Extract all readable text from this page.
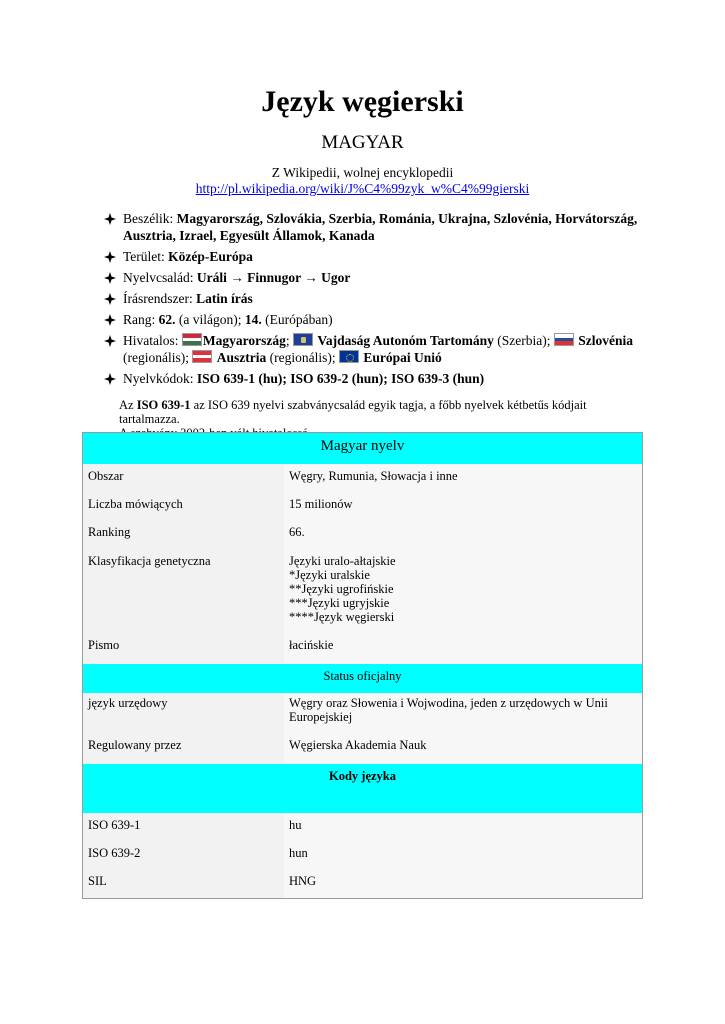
Język węgierski
MAGYAR
Z Wikipedii, wolnej encyklopedii
http://pl.wikipedia.org/wiki/J%C4%99zyk_w%C4%99gierski
Beszélik: Magyarország, Szlovákia, Szerbia, Románia, Ukrajna, Szlovénia, Horvátország, Ausztria, Izrael, Egyesült Államok, Kanada
Terület: Közép-Európa
Nyelvcsalád: Uráli → Finnugor → Ugor
Írásrendszer: Latin írás
Rang: 62. (a világon); 14. (Európában)
Hivatalos:
Magyarország;  Vajdaság Autonóm Tartomány (Szerbia);
Szlovénia
(regionális);
Ausztria (regionális);  Európai Unió
Nyelvkódok: ISO 639-1 (hu); ISO 639-2 (hun); ISO 639-3 (hun)
Az ISO 639-1 az ISO 639 nyelvi szabványcsalád egyik tagja, a főbb nyelvek kétbetűs kódjait tartalmazza.

Magyar nyelv
Obszar	Węgry, Rumunia, Słowacja i inne
Liczba mówiących	15 milionów
Ranking	66.
Klasyfikacja genetyczna	Języki uralo-ałtajskie
*Języki uralskie
**Języki ugrofińskie
***Języki ugryjskie
****Język węgierski
Pismo	łacińskie
Status oficjalny
język urzędowy	Węgry oraz Słowenia i Wojwodina, jeden z urzędowych w Unii
Europejskiej
Regulowany przez	Węgierska Akademia Nauk
Kody języka
ISO 639-1	hu
ISO 639-2	hun
SIL	HNG
